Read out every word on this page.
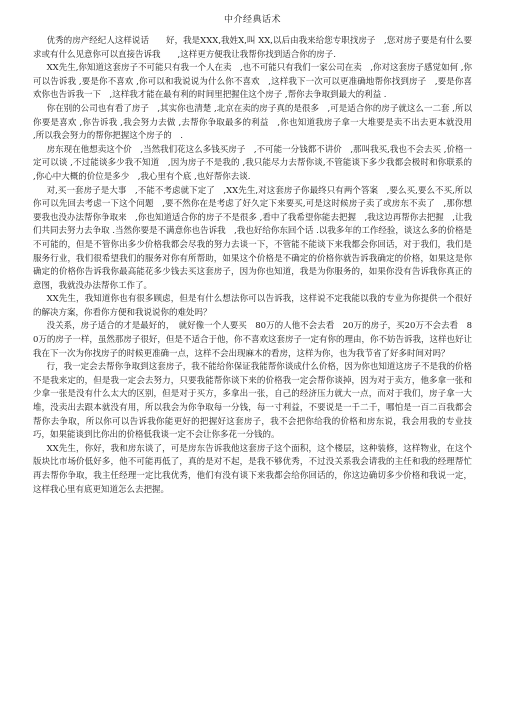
中介经典话术

优秀的房产经纪人这样说话　　好，我是XXX,我姓X,叫 XX,以后由我来给您专职找房子　,您对房子要是有什么要求或有什么见意你可以直接告诉我　　,这样更方便我让我帮你找到适合你的房子.

XX先生,你知道这套房子不可能只有我一个人在卖　,也不可能只有我们一家公司在卖　,你对这套房子感觉如何 ,你可以告诉我 ,要是你不喜欢 ,你可以和我说说为什么你不喜欢　,这样我下一次可以更准确地帮你找到房子　,要是你喜欢你也告诉我一下　,这样我才能在最有利的时间里把握住这个房子 ,帮你去争取到最大的利益 .

你在别的公司也有看了房子　,其实你也清楚 ,北京在卖的房子真的是很多　,可是适合你的房子就这么一二套 ,所以你要是喜欢 ,你告诉我 ,我会努力去做 ,去帮你争取最多的利益　,你也知道我房子拿一大堆要是卖不出去更本就没用　　,所以我会努力的帮你把握这个房子的　.

房东现在他想卖这个价　,当然我们花这么多钱买房子　,不可能一分钱都不讲价　,那叫我买,我也不会去买 ,价格一定可以谈 ,不过能谈多少我不知道　,因为房子不是我的 ,我只能尽力去帮你谈,不管能谈下多少我都会极时和你联系的　　,你心中大概的价位是多少　,我心里有个底 ,也好帮你去谈.

对,买一套房子是大事　,不能不考虑就下定了　,XX先生,对这套房子你最终只有两个答案　,要么买,要么不买,所以你可以先回去考虑一下这个问题　,要不然你在是考虑了好久定下来要买,可是这时候房子卖了或房东不卖了　,那你想要我也没办法帮你争取来　,你也知道适合你的房子不是很多 ,看中了我希望你能去把握　,我这边再帮你去把握　,让我们共同去努力去争取 .当然你要是不满意你也告诉我　,我也好给你东回个话 .以我多年的工作经验，谈这么多的价格是不可能的，但是不管你出多少价格我都会尽我的努力去谈一下，不管能不能谈下来我都会你回话，对于我们，我们是服务行业，我们很希望我们的服务对你有所帮助，如果这个价格是不确定的价格你就告诉我确定的价格，如果这是你确定的价格你告诉我你最高能花多少钱去买这套房子，因为你也知道，我是为你服务的，如果你没有告诉我你真正的意图，我就没办法帮你工作了。

XX先生，我知道你也有很多顾虑，但是有什么想法你可以告诉我，这样说不定我能以我的专业为你提供一个很好的解决方案，你看你方便和我说说你的难处吗？

没关系，房子适合的才是最好的，　就好像一个人要买　80万的人他不会去看　20万的房子，买20万不会去看　80万的房子一样，虽然那房子很好，但是不适合于他，你不喜欢这套房子一定有你的理由，你不妨告诉我，这样也好让我在下一次为你找房子的时候更准确一点，这样不会出现麻木的看房，这样为你，也为我节省了好多时间对吗？

行，我一定会去帮你争取到这套房子，我不能给你保证我能帮你谈成什么价格，因为你也知道这房子不是我的价格不是我来定的，但是我一定会去努力，只要我能帮你谈下来的价格我一定会帮你谈掉，因为对于卖方，他多拿一张和少拿一张是没有什么太大的区别，但是对于买方，多拿出一张，自己的经济压力就大一点，而对于我们，房子拿一大堆，没卖出去跟本就没有用，所以我会为你争取每一分钱，每一寸利益，不要说是一千二千，哪怕是一百二百我都会帮你去争取，所以你可以告诉我你能更好的把握好这套房子，我不会把你给我的价格和房东说，我会用我的专业技巧，如果能谈到比你出的价格低我谈一定不会让你多花一分钱的。

XX先生，你好，我和房东谈了，可是房东告诉我他这套房子这个面积，这个楼层，这种装修，这样物业，在这个版块比市场价低好多，他不可能再低了，真的是对不起，是我不够优秀，不过没关系我会请我的主任和我的经理帮忙再去帮你争取，我主任经理一定比我优秀，他们有没有谈下来我都会给你回话的，你这边确切多少价格和我说一定，这样我心里有底更知道怎么去把握。
